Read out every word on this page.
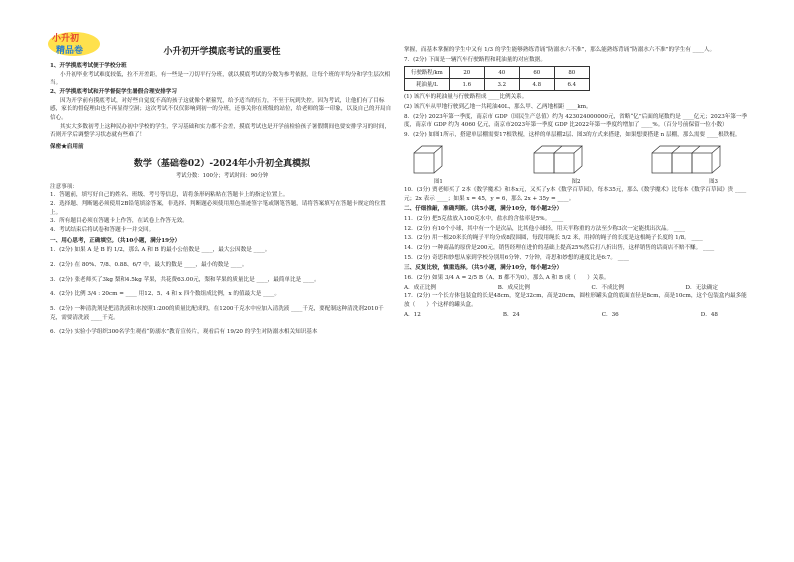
小升初
精品卷	小升初开学摸底考试的重要性

1、开学摸底考试便于学校分班

小升初毕业考试难度较低，拉不开差距，有一些是一刀切平行分班，就以摸底考试的分数为参考依据，让每个班的平均分和学生层次相当。

2、开学摸底考试和开学督促学生暑假合理安排学习

因为开学前有摸底考试，对好些自觉度不高的孩子这就像个紧箍咒，给予适当的压力，不至于玩到失控。因为考试，让他们有了目标感，家长的督促理由也不再显得空洞；这次考试不仅仅影响到初一的分班，还事关你在班级的站位，给老师的第一印象，以及自己的开局自信心。

其实大多数初考上这种民办初中学校的学生，学习基础和实力都不会差，摸底考试也是开学前检验孩子暑假期间也要安排学习的时间，否则开学后调整学习状态就有些难了！

保密★启用前
数学（基础卷02）-2024年小升初全真模拟
考试分数：100分；考试时间：90分钟

注意事项：

1．答题前，填写好自己的姓名、班级、考号等信息，请将条形码粘贴在答题卡上的指定位置上。

2．选择题、判断题必须使用2B铅笔填涂答案，非选择、判断题必须使用黑色墨迹签字笔或钢笔答题，请将答案填写在答题卡规定的位置上。

3．所有题目必须在答题卡上作答，在试卷上作答无效。

4．考试结束后将试卷和答题卡一并交回。

一、用心思考，正确填空。（共10小题，满分19分）

1．(2分) 如果 A 是 B 的 1/2，那么 A 和 B 的最小公倍数是 ____，最大公因数是 ____。

2．(2分) 在 80%、7/8、0.88、6/7 中，最大的数是 ____，最小的数是 ____。

3．(2分) 张老师买了3kg 梨和4.5kg 苹果，共花费63.00元，梨和苹果的质量比是 ____，最简单比是 ____。

4．(2分) 比例 3/4 : 20cm = ____ 用12、5、4 和 x 四个数组成比例，x 的值最大是 ____。

5．(2分) 一种清洗剂是把清洗液和水按照1:200的质量比配成的，在1200千克水中应加入清洗液 ____千克，要配制这种清洗剂2010千克，需要清洗液 ____千克。

6．(2分) 实验小学组织300名学生观看“防溺水”教育宣传片，观看后有 19/20 的学生对防溺水相关知识基本

掌握，而基本掌握的学生中又有 1/3 的学生能够熟练背诵“防溺水六不准”，那么能熟练背诵“防溺水六不准”的学生有 ____人。

7．(2分) 下面是一辆汽车行驶路程和耗油量的对应数据。

行驶路程/km	20	40	60	80
耗油量/L	1.6	3.2	4.8	6.4

(1) 该汽车的耗油量与行驶路程成 ____比例关系。

(2) 该汽车从甲地行驶到乙地一共耗油40L，那么甲、乙两地相距 ____km。

8．(2分) 2023年第一季度，南京市 GDP（国民生产总值）约为 423024000000元，省略“亿”后面的尾数约是 ____亿元；2023年第一季度，南京市 GDP 约为 4060 亿元，南京市2023年第一季度 GDP 比2022年第一季度约增加了 ____%。（百分号前保留一位小数）

9．(2分) 如图1所示，搭建单层棚需要17根铁棍，这样的单层棚2层、图3的方式来搭建，如果想要搭建 n 层棚，那么需要 ____根铁棍。

图1	图2	图3

10．(3分) 贾老师买了 2本《数学魔术》和本x元，又买了y本《数学百草园》，每本35元，那么《数学魔术》比每本《数学百草园》贵 ____元；2x 表示 ____；如果 x = 45，y = 6，那么 2x + 35y = ____。

二、仔细推敲，准确判断。（共5小题，满分10分，每小题2分）

11．(2分) 把5克盐放入100克水中，盐水的含盐率是5%。 ____

12．(2分) 有10个小球，其中有一个是次品，比其他小球轻，用天平称重的方法至少称3次一定能找出次品。 ____

13．(2分) 用一根20米长的绳子平均分成8段围圆，每段用绳长 5/2 米，用掉的绳子的长度是这根绳子长度的 1/8。 ____

14．(2分) 一种商品的原价是200元，销售经理在进价的基础上提高25%然后打八折出售，这样销售的话商店不赔不赚。 ____

15．(2分) 奇思和妙想从家到学校分别用6分钟、7分钟，奇思和妙想的速度比是6:7。 ____

三、反复比较，慎重选择。（共5小题，满分10分，每小题2分）

16．(2分) 如果 3/4 A = 2/5 B（A、B 都不为0），那么 A 和 B 成（　　）关系。

A．成正比例	B．成反比例	C．不成比例	D．无法确定

17．(2分) 一个长方体包装盒的长是48cm，宽是32cm，高是20cm，圆柱形罐头盒的底面直径是8cm，高是10cm，这个包装盒内最多能放（　　）个这样的罐头盒。

A．12	B．24	C．36	D．48
